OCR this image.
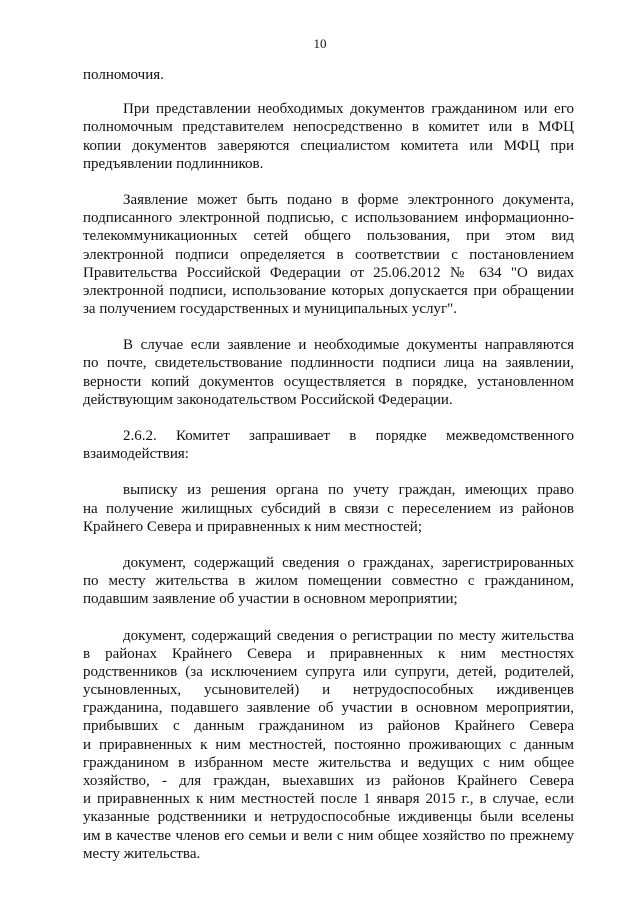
10
полномочия.
При представлении необходимых документов гражданином или его
полномочным представителем непосредственно в комитет или в МФЦ
копии документов заверяются специалистом комитета или МФЦ при
предъявлении подлинников.
Заявление может быть подано в форме электронного документа,
подписанного электронной подписью, с использованием информационно-
телекоммуникационных сетей общего пользования, при этом вид
электронной подписи определяется в соответствии с постановлением
Правительства Российской Федерации от 25.06.2012 № 634 "О видах
электронной подписи, использование которых допускается при обращении
за получением государственных и муниципальных услуг".
В случае если заявление и необходимые документы направляются
по почте, свидетельствование подлинности подписи лица на заявлении,
верности копий документов осуществляется в порядке, установленном
действующим законодательством Российской Федерации.
2.6.2. Комитет запрашивает в порядке межведомственного
взаимодействия:
выписку из решения органа по учету граждан, имеющих право
на получение жилищных субсидий в связи с переселением из районов
Крайнего Севера и приравненных к ним местностей;
документ, содержащий сведения о гражданах, зарегистрированных
по месту жительства в жилом помещении совместно с гражданином,
подавшим заявление об участии в основном мероприятии;
документ, содержащий сведения о регистрации по месту жительства
в районах Крайнего Севера и приравненных к ним местностях
родственников (за исключением супруга или супруги, детей, родителей,
усыновленных, усыновителей) и нетрудоспособных иждивенцев
гражданина, подавшего заявление об участии в основном мероприятии,
прибывших с данным гражданином из районов Крайнего Севера
и приравненных к ним местностей, постоянно проживающих с данным
гражданином в избранном месте жительства и ведущих с ним общее
хозяйство, - для граждан, выехавших из районов Крайнего Севера
и приравненных к ним местностей после 1 января 2015 г., в случае, если
указанные родственники и нетрудоспособные иждивенцы были вселены
им в качестве членов его семьи и вели с ним общее хозяйство по прежнему
месту жительства.
